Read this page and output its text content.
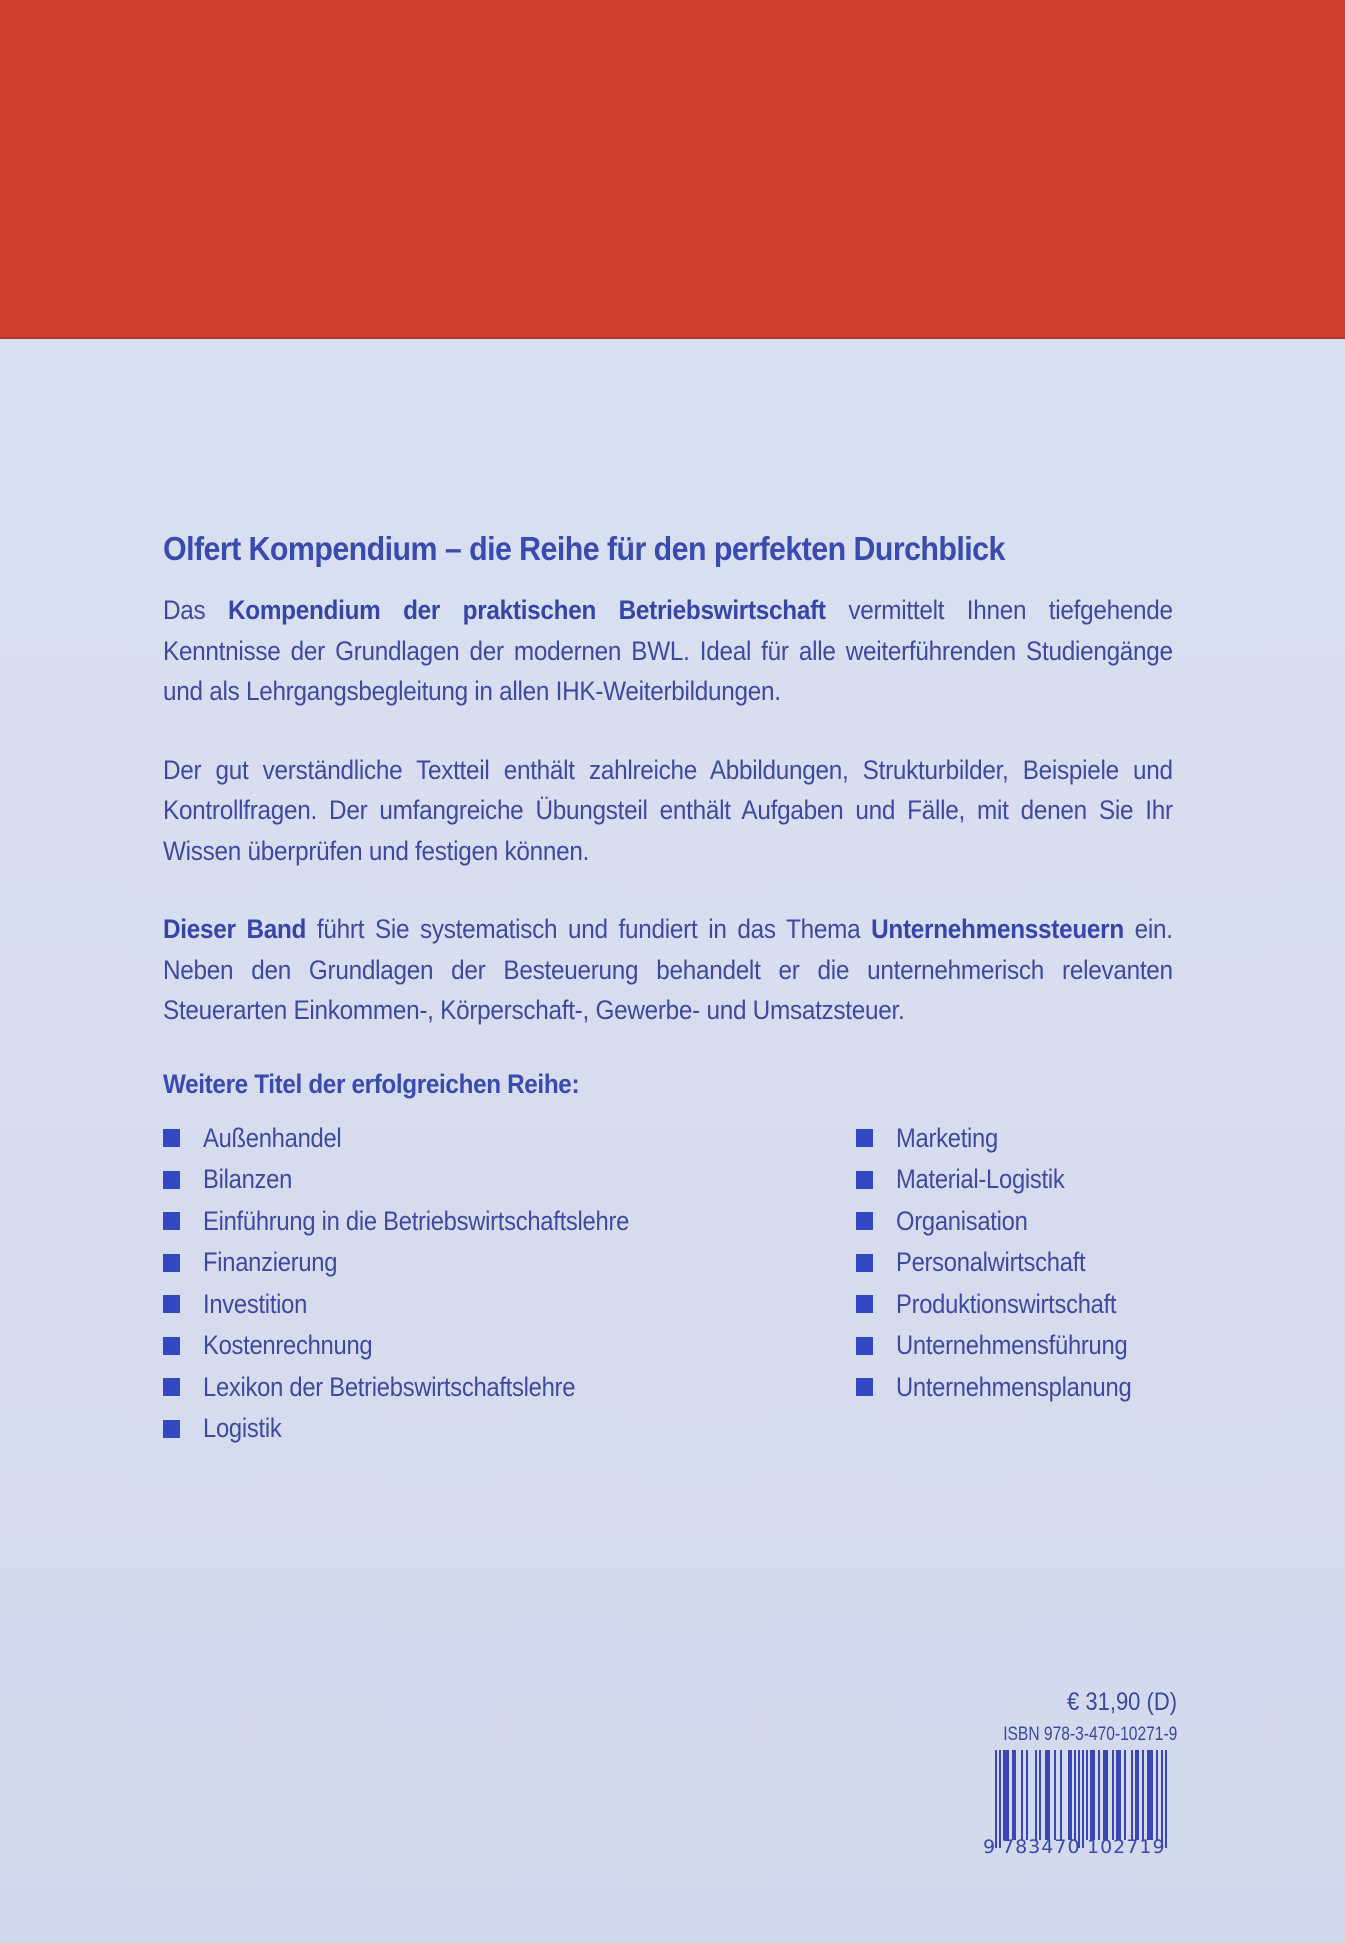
Olfert Kompendium – die Reihe für den perfekten Durchblick

Das Kompendium der praktischen Betriebswirtschaft vermittelt Ihnen tiefgehende Kenntnisse der Grundlagen der modernen BWL. Ideal für alle weiterführenden Studiengänge und als Lehrgangsbegleitung in allen IHK-Weiterbildungen.

Der gut verständliche Textteil enthält zahlreiche Abbildungen, Strukturbilder, Beispiele und Kontrollfragen. Der umfangreiche Übungsteil enthält Aufgaben und Fälle, mit denen Sie Ihr Wissen überprüfen und festigen können.

Dieser Band führt Sie systematisch und fundiert in das Thema Unternehmenssteuern ein. Neben den Grundlagen der Besteuerung behandelt er die unternehmerisch relevanten Steuerarten Einkommen-, Körperschaft-, Gewerbe- und Umsatzsteuer.

Weitere Titel der erfolgreichen Reihe:
Außenhandel
Bilanzen
Einführung in die Betriebswirtschaftslehre
Finanzierung
Investition
Kostenrechnung
Lexikon der Betriebswirtschaftslehre
Logistik
Marketing
Material-Logistik
Organisation
Personalwirtschaft
Produktionswirtschaft
Unternehmensführung
Unternehmensplanung
€ 31,90 (D)
ISBN 978-3-470-10271-9
9 783470 102719
